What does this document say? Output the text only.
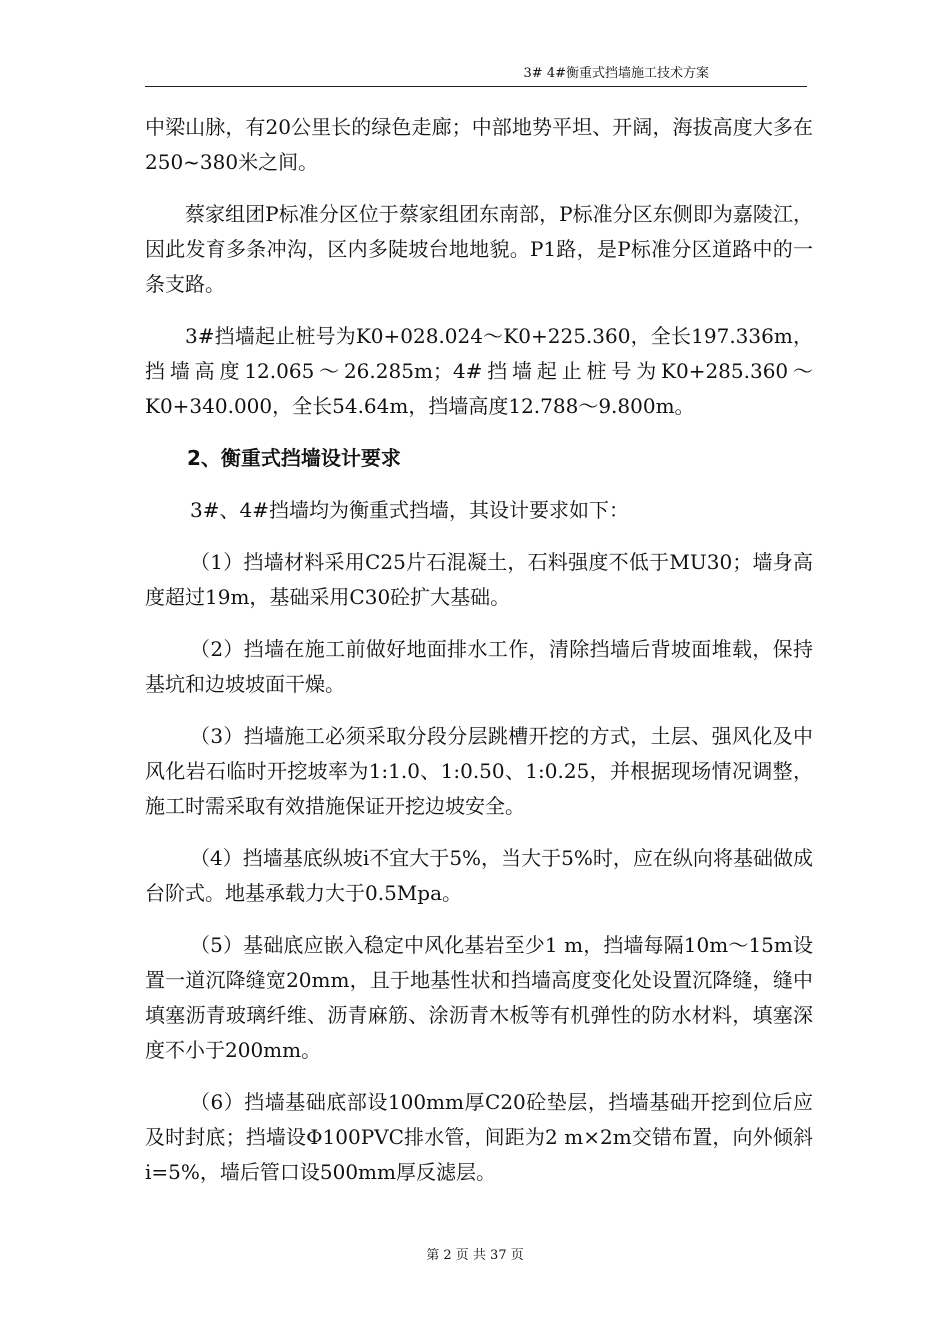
3# 4#衡重式挡墙施工技术方案

中梁山脉，有20公里长的绿色走廊；中部地势平坦、开阔，海拔高度大多在250~380米之间。

蔡家组团P标准分区位于蔡家组团东南部，P标准分区东侧即为嘉陵江，因此发育多条冲沟，区内多陡坡台地地貌。P1路，是P标准分区道路中的一条支路。

3#挡墙起止桩号为K0+028.024～K0+225.360，全长197.336m，挡墙高度12.065～26.285m；4#挡墙起止桩号为K0+285.360～K0+340.000，全长54.64m，挡墙高度12.788～9.800m。

2、衡重式挡墙设计要求

3#、4#挡墙均为衡重式挡墙，其设计要求如下：

（1）挡墙材料采用C25片石混凝土，石料强度不低于MU30；墙身高度超过19m，基础采用C30砼扩大基础。

（2）挡墙在施工前做好地面排水工作，清除挡墙后背坡面堆载，保持基坑和边坡坡面干燥。

（3）挡墙施工必须采取分段分层跳槽开挖的方式，土层、强风化及中风化岩石临时开挖坡率为1:1.0、1:0.50、1:0.25，并根据现场情况调整，施工时需采取有效措施保证开挖边坡安全。

（4）挡墙基底纵坡i不宜大于5%，当大于5%时，应在纵向将基础做成台阶式。地基承载力大于0.5Mpa。

（5）基础底应嵌入稳定中风化基岩至少1 m，挡墙每隔10m～15m设置一道沉降缝宽20mm，且于地基性状和挡墙高度变化处设置沉降缝，缝中填塞沥青玻璃纤维、沥青麻筋、涂沥青木板等有机弹性的防水材料，填塞深度不小于200mm。

（6）挡墙基础底部设100mm厚C20砼垫层，挡墙基础开挖到位后应及时封底；挡墙设Φ100PVC排水管，间距为2 m×2m交错布置，向外倾斜i=5%，墙后管口设500mm厚反滤层。

第 2 页 共 37 页
